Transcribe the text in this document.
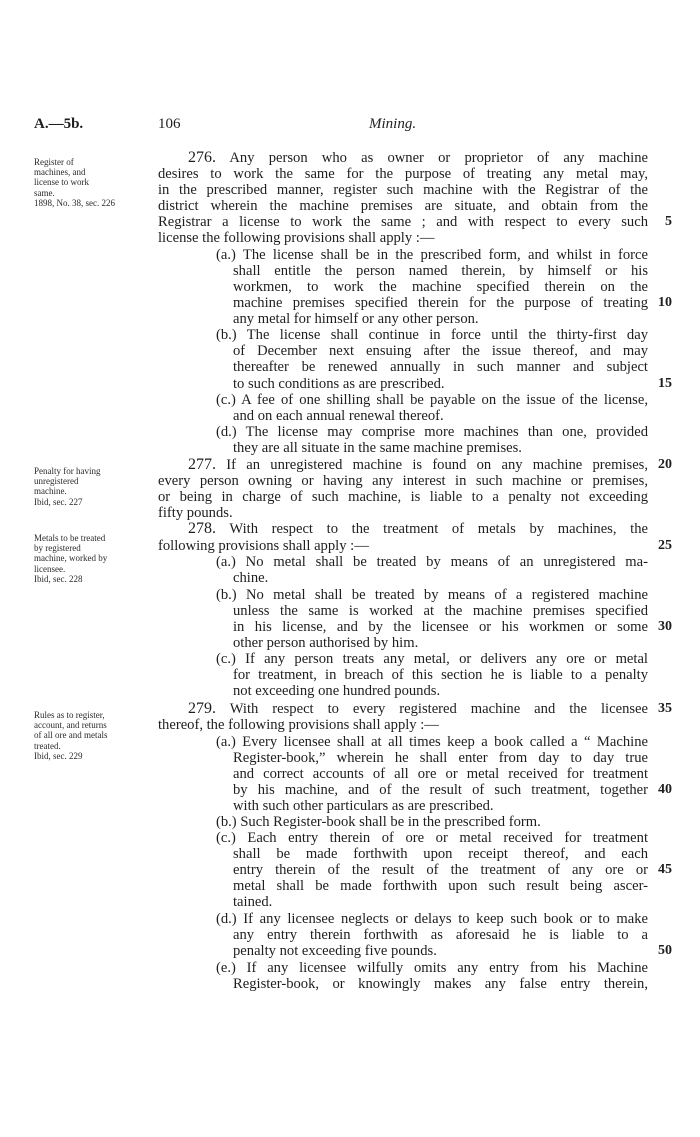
A.—5b.	106	Mining.
Register of
machines, and
license to work
same.
1898, No. 38, sec. 226
Penalty for having
unregistered
machine.
Ibid, sec. 227
Metals to be treated
by registered
machine, worked by
licensee.
Ibid, sec. 228
Rules as to register,
account, and returns
of all ore and metals
treated.
Ibid, sec. 229
276. Any person who as owner or proprietor of any machine
desires to work the same for the purpose of treating any metal may,
in the prescribed manner, register such machine with the Registrar of the
district wherein the machine premises are situate, and obtain from the
Registrar a license to work the same ; and with respect to every such
license the following provisions shall apply :—
(a.) The license shall be in the prescribed form, and whilst in force
shall entitle the person named therein, by himself or his
workmen, to work the machine specified therein on the
machine premises specified therein for the purpose of treating
any metal for himself or any other person.
(b.) The license shall continue in force until the thirty-first day
of December next ensuing after the issue thereof, and may
thereafter be renewed annually in such manner and subject
to such conditions as are prescribed.
(c.) A fee of one shilling shall be payable on the issue of the license,
and on each annual renewal thereof.
(d.) The license may comprise more machines than one, provided
they are all situate in the same machine premises.
277. If an unregistered machine is found on any machine premises,
every person owning or having any interest in such machine or premises,
or being in charge of such machine, is liable to a penalty not exceeding
fifty pounds.
278. With respect to the treatment of metals by machines, the
following provisions shall apply :—
(a.) No metal shall be treated by means of an unregistered ma-
chine.
(b.) No metal shall be treated by means of a registered machine
unless the same is worked at the machine premises specified
in his license, and by the licensee or his workmen or some
other person authorised by him.
(c.) If any person treats any metal, or delivers any ore or metal
for treatment, in breach of this section he is liable to a penalty
not exceeding one hundred pounds.
279. With respect to every registered machine and the licensee
thereof, the following provisions shall apply :—
(a.) Every licensee shall at all times keep a book called a “ Machine
Register-book,” wherein he shall enter from day to day true
and correct accounts of all ore or metal received for treatment
by his machine, and of the result of such treatment, together
with such other particulars as are prescribed.
(b.) Such Register-book shall be in the prescribed form.
(c.) Each entry therein of ore or metal received for treatment
shall be made forthwith upon receipt thereof, and each
entry therein of the result of the treatment of any ore or
metal shall be made forthwith upon such result being ascer-
tained.
(d.) If any licensee neglects or delays to keep such book or to make
any entry therein forthwith as aforesaid he is liable to a
penalty not exceeding five pounds.
(e.) If any licensee wilfully omits any entry from his Machine
Register-book, or knowingly makes any false entry therein,
5
10
15
20
25
30
35
40
45
50
